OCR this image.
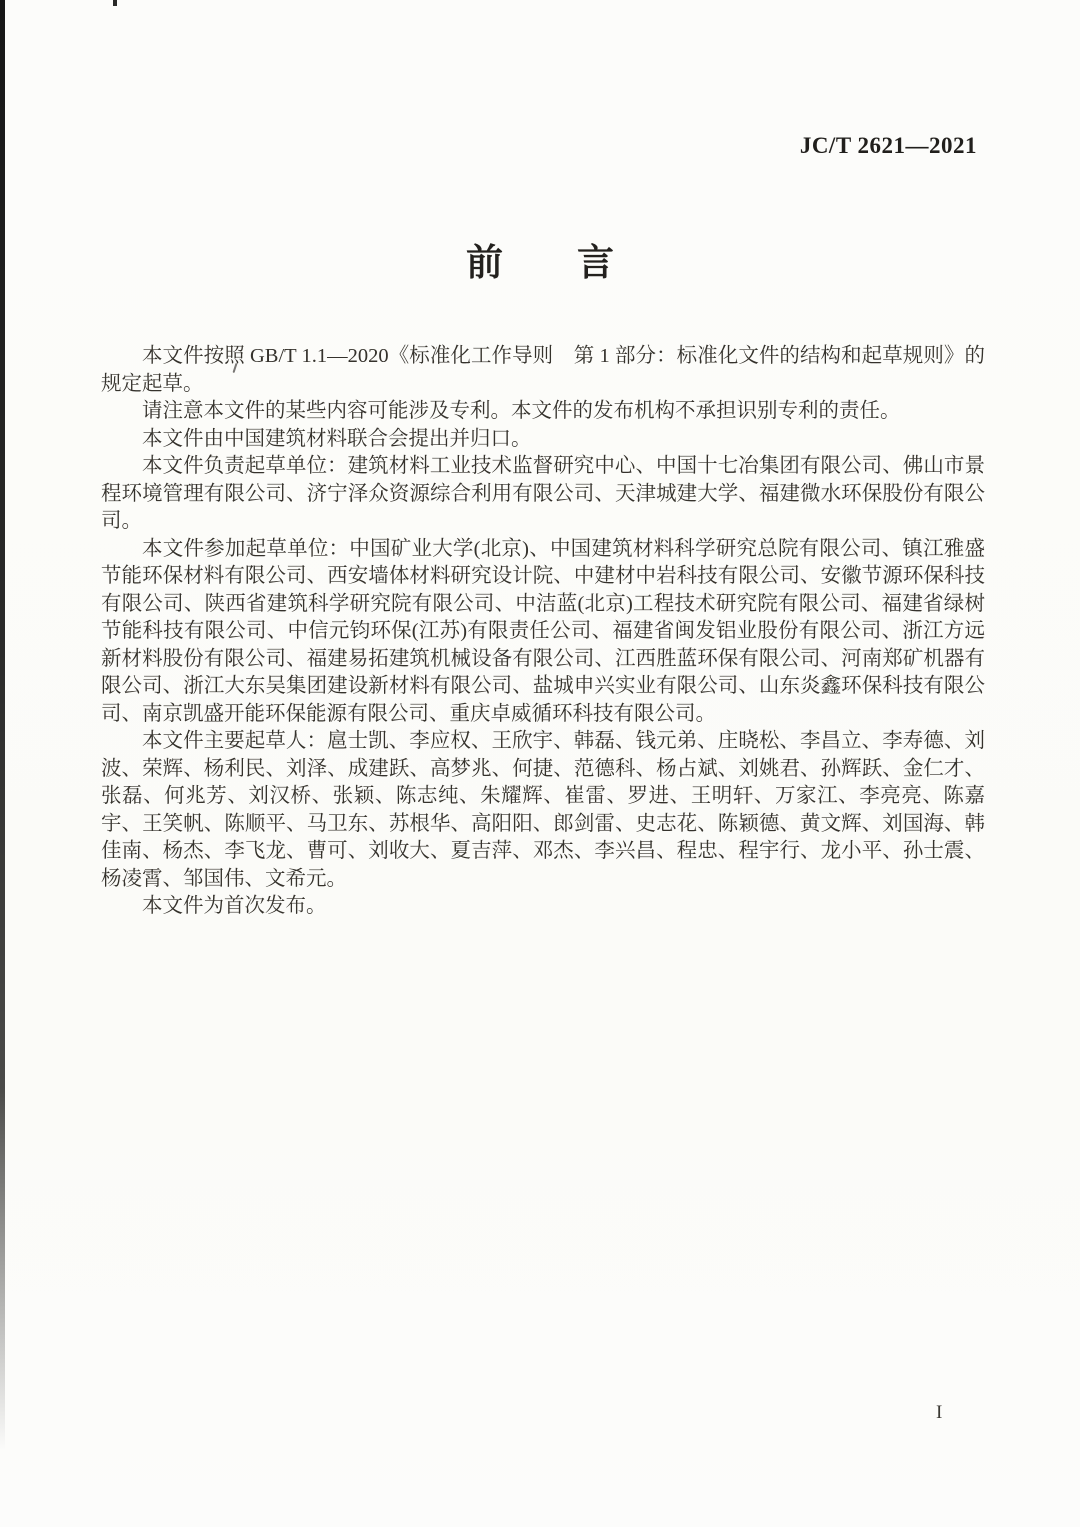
JC/T 2621—2021
前　　言

本文件按照 GB/T 1.1—2020《标准化工作导则　第 1 部分：标准化文件的结构和起草规则》的规定起草。

请注意本文件的某些内容可能涉及专利。本文件的发布机构不承担识别专利的责任。

本文件由中国建筑材料联合会提出并归口。

本文件负责起草单位：建筑材料工业技术监督研究中心、中国十七冶集团有限公司、佛山市景程环境管理有限公司、济宁泽众资源综合利用有限公司、天津城建大学、福建微水环保股份有限公司。

本文件参加起草单位：中国矿业大学(北京)、中国建筑材料科学研究总院有限公司、镇江雅盛节能环保材料有限公司、西安墙体材料研究设计院、中建材中岩科技有限公司、安徽节源环保科技有限公司、陕西省建筑科学研究院有限公司、中洁蓝(北京)工程技术研究院有限公司、福建省绿树节能科技有限公司、中信元钧环保(江苏)有限责任公司、福建省闽发铝业股份有限公司、浙江方远新材料股份有限公司、福建易拓建筑机械设备有限公司、江西胜蓝环保有限公司、河南郑矿机器有限公司、浙江大东吴集团建设新材料有限公司、盐城申兴实业有限公司、山东炎鑫环保科技有限公司、南京凯盛开能环保能源有限公司、重庆卓威循环科技有限公司。

本文件主要起草人：扈士凯、李应权、王欣宇、韩磊、钱元弟、庄晓松、李昌立、李寿德、刘波、荣辉、杨利民、刘泽、成建跃、高梦兆、何捷、范德科、杨占斌、刘姚君、孙辉跃、金仁才、张磊、何兆芳、刘汉桥、张颖、陈志纯、朱耀辉、崔雷、罗进、王明轩、万家江、李亮亮、陈嘉宇、王笑帆、陈顺平、马卫东、苏根华、高阳阳、郎剑雷、史志花、陈颖德、黄文辉、刘国海、韩佳南、杨杰、李飞龙、曹可、刘收大、夏吉萍、邓杰、李兴昌、程忠、程宇行、龙小平、孙士震、杨凌霄、邹国伟、文希元。

本文件为首次发布。

I
